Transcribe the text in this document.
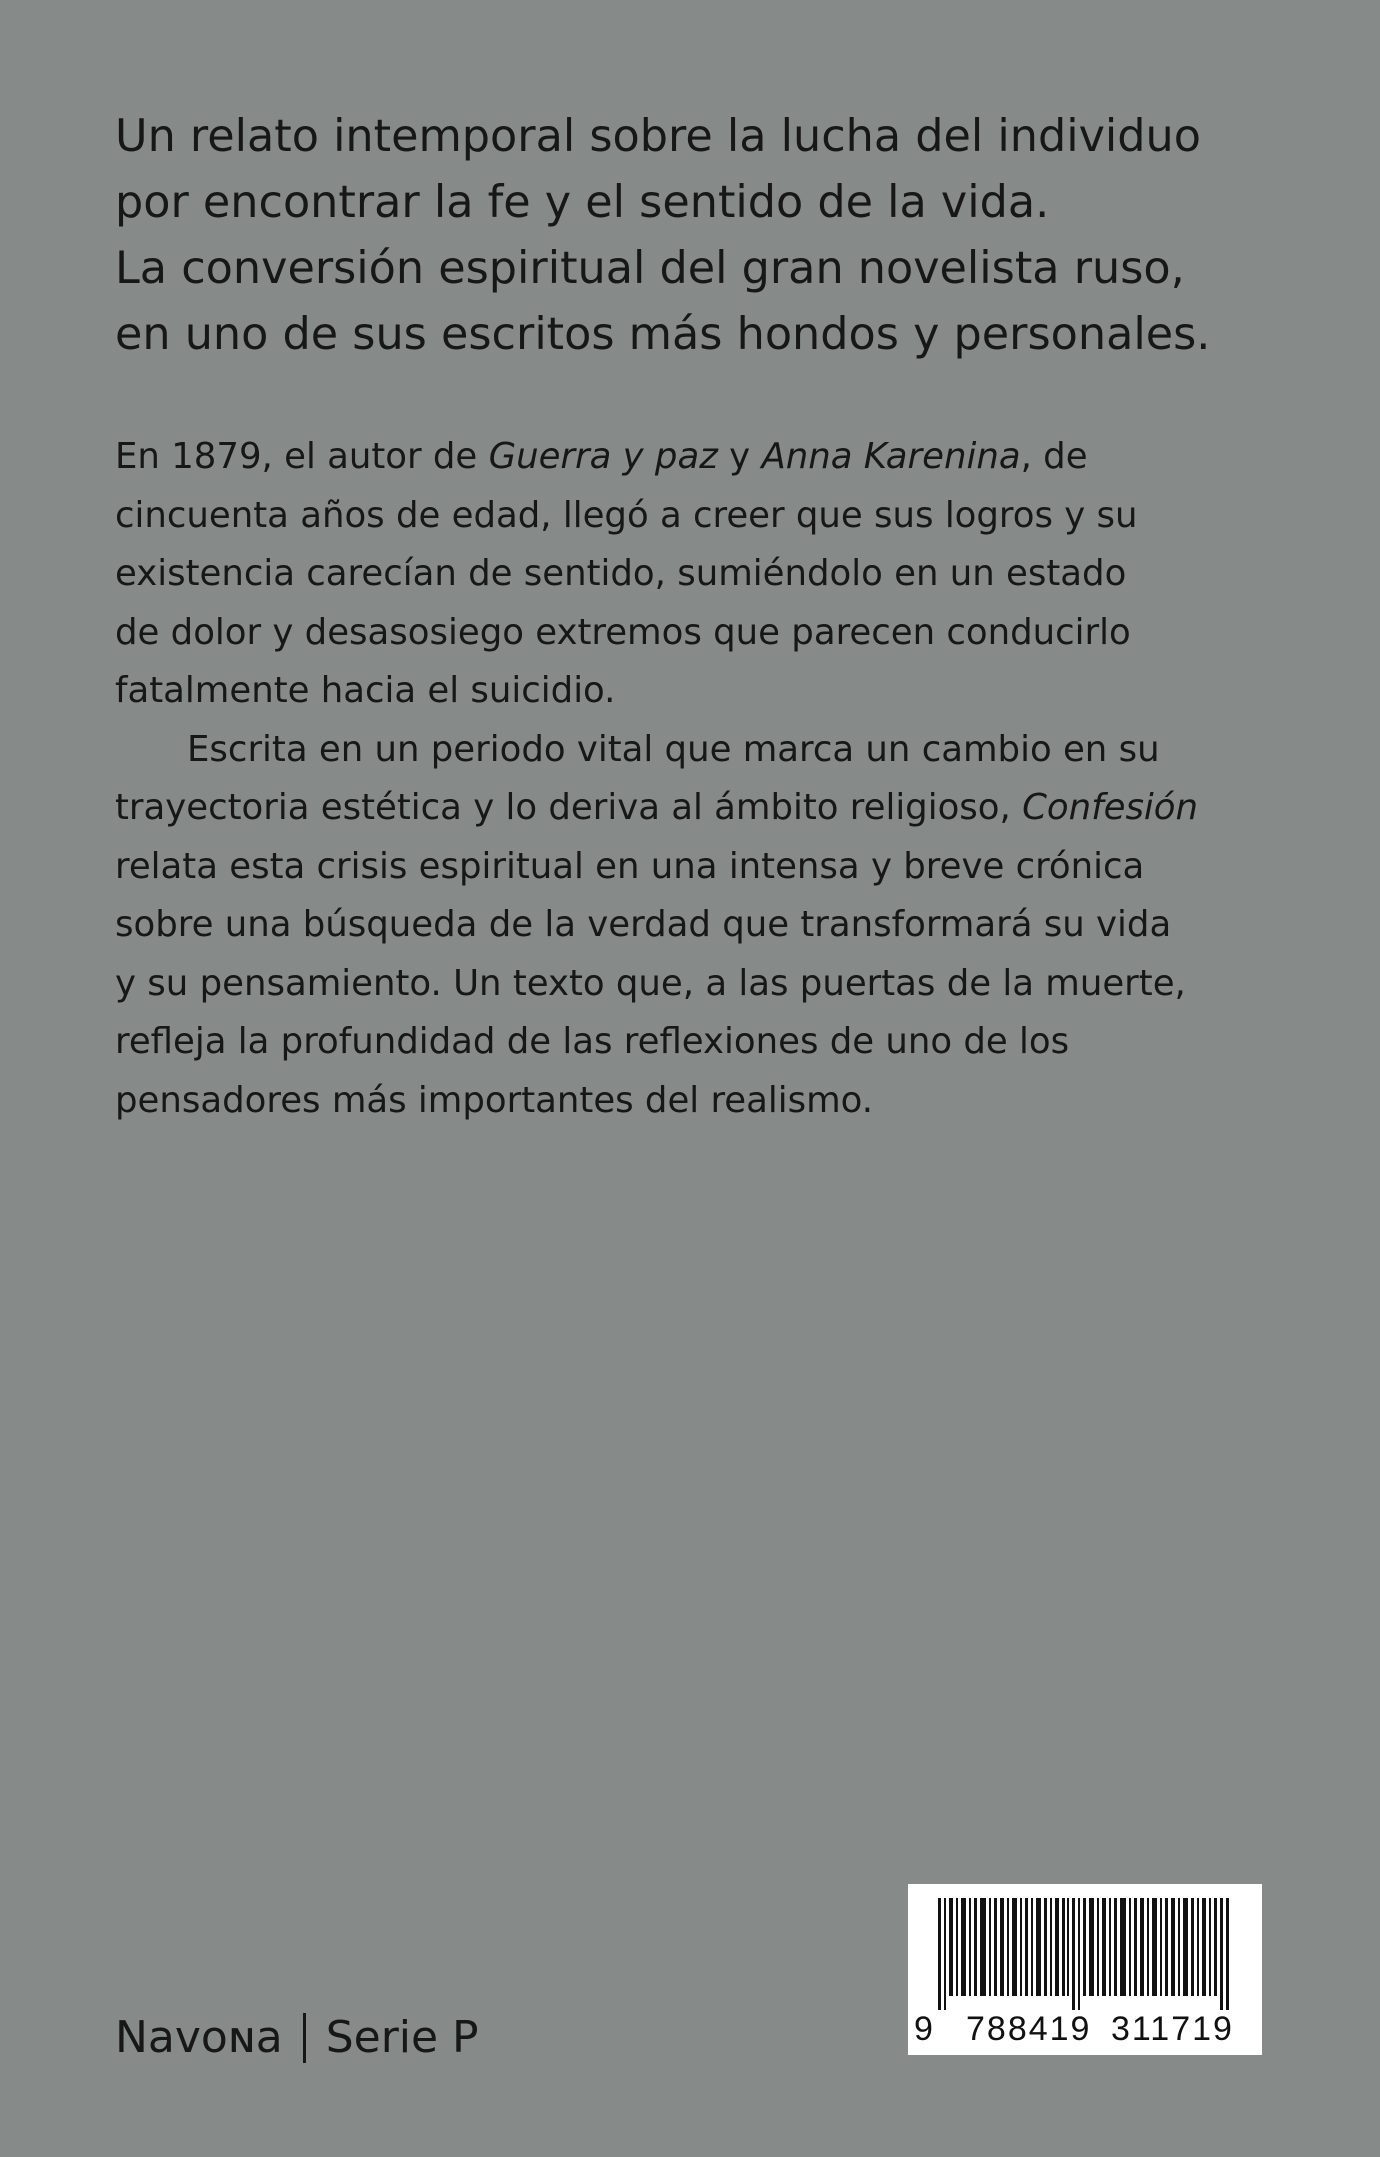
Un relato intemporal sobre la lucha del individuo
por encontrar la fe y el sentido de la vida.
La conversión espiritual del gran novelista ruso,
en uno de sus escritos más hondos y personales.
En 1879, el autor de Guerra y paz y Anna Karenina, de
cincuenta años de edad, llegó a creer que sus logros y su
existencia carecían de sentido, sumiéndolo en un estado
de dolor y desasosiego extremos que parecen conducirlo
fatalmente hacia el suicidio.
Escrita en un periodo vital que marca un cambio en su
trayectoria estética y lo deriva al ámbito religioso, Confesión
relata esta crisis espiritual en una intensa y breve crónica
sobre una búsqueda de la verdad que transformará su vida
y su pensamiento. Un texto que, a las puertas de la muerte,
refleja la profundidad de las reflexiones de uno de los
pensadores más importantes del realismo.
Navoɴa Serie P	9 788419 311719
